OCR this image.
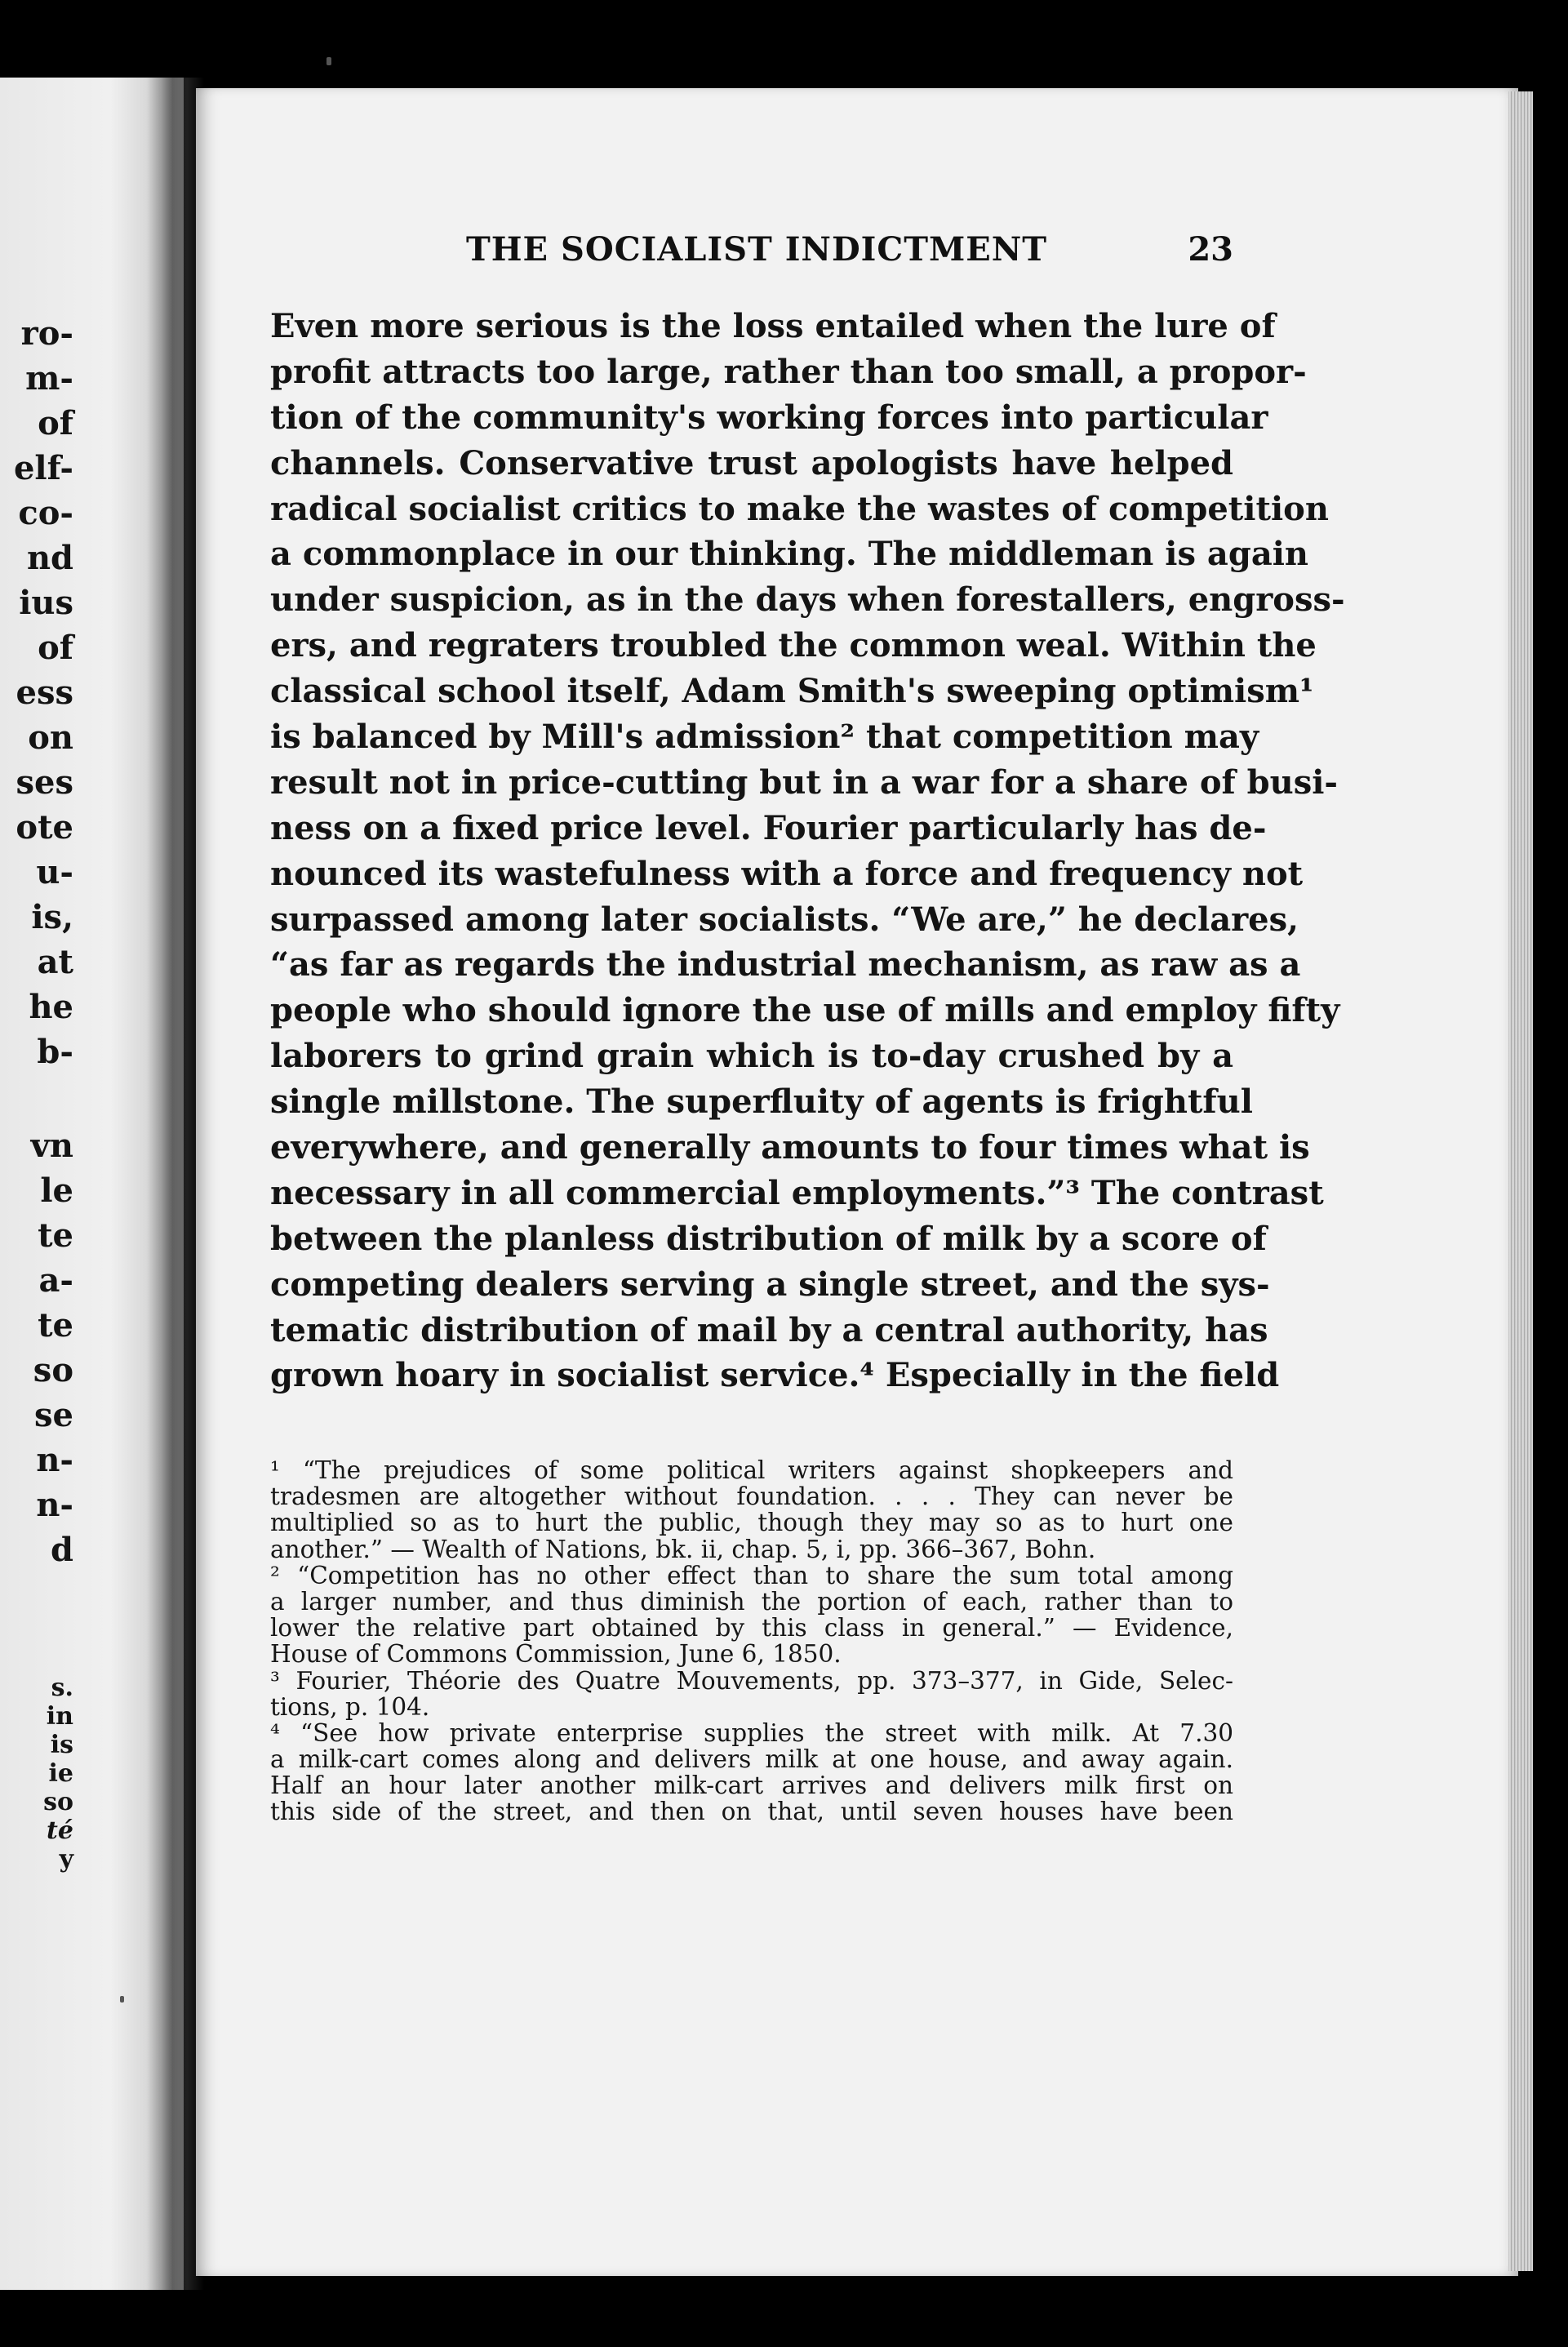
ro-
m-
of
elf-
co-
nd
ius
of
ess
on
ses
ote
u-
is,
at
he
b-
vn
le
te
a-
te
so
se
n-
n-
d
s.
in
is
ie
so
té
y
THE SOCIALIST INDICTMENT	23
Even more serious is the loss entailed when the lure of
profit attracts too large, rather than too small, a propor-
tion of the community's working forces into particular
channels. Conservative trust apologists have helped
radical socialist critics to make the wastes of competition
a commonplace in our thinking. The middleman is again
under suspicion, as in the days when forestallers, engross-
ers, and regraters troubled the common weal. Within the
classical school itself, Adam Smith's sweeping optimism¹
is balanced by Mill's admission² that competition may
result not in price-cutting but in a war for a share of busi-
ness on a fixed price level. Fourier particularly has de-
nounced its wastefulness with a force and frequency not
surpassed among later socialists. “We are,” he declares,
“as far as regards the industrial mechanism, as raw as a
people who should ignore the use of mills and employ fifty
laborers to grind grain which is to-day crushed by a
single millstone. The superfluity of agents is frightful
everywhere, and generally amounts to four times what is
necessary in all commercial employments.”³ The contrast
between the planless distribution of milk by a score of
competing dealers serving a single street, and the sys-
tematic distribution of mail by a central authority, has
grown hoary in socialist service.⁴ Especially in the field
¹ “The prejudices of some political writers against shopkeepers and
tradesmen are altogether without foundation. . . . They can never be
multiplied so as to hurt the public, though they may so as to hurt one
another.” — Wealth of Nations, bk. ii, chap. 5, i, pp. 366–367, Bohn.
² “Competition has no other effect than to share the sum total among
a larger number, and thus diminish the portion of each, rather than to
lower the relative part obtained by this class in general.” — Evidence,
House of Commons Commission, June 6, 1850.
³ Fourier, Théorie des Quatre Mouvements, pp. 373–377, in Gide, Selec-
tions, p. 104.
⁴ “See how private enterprise supplies the street with milk. At 7.30
a milk-cart comes along and delivers milk at one house, and away again.
Half an hour later another milk-cart arrives and delivers milk first on
this side of the street, and then on that, until seven houses have been
